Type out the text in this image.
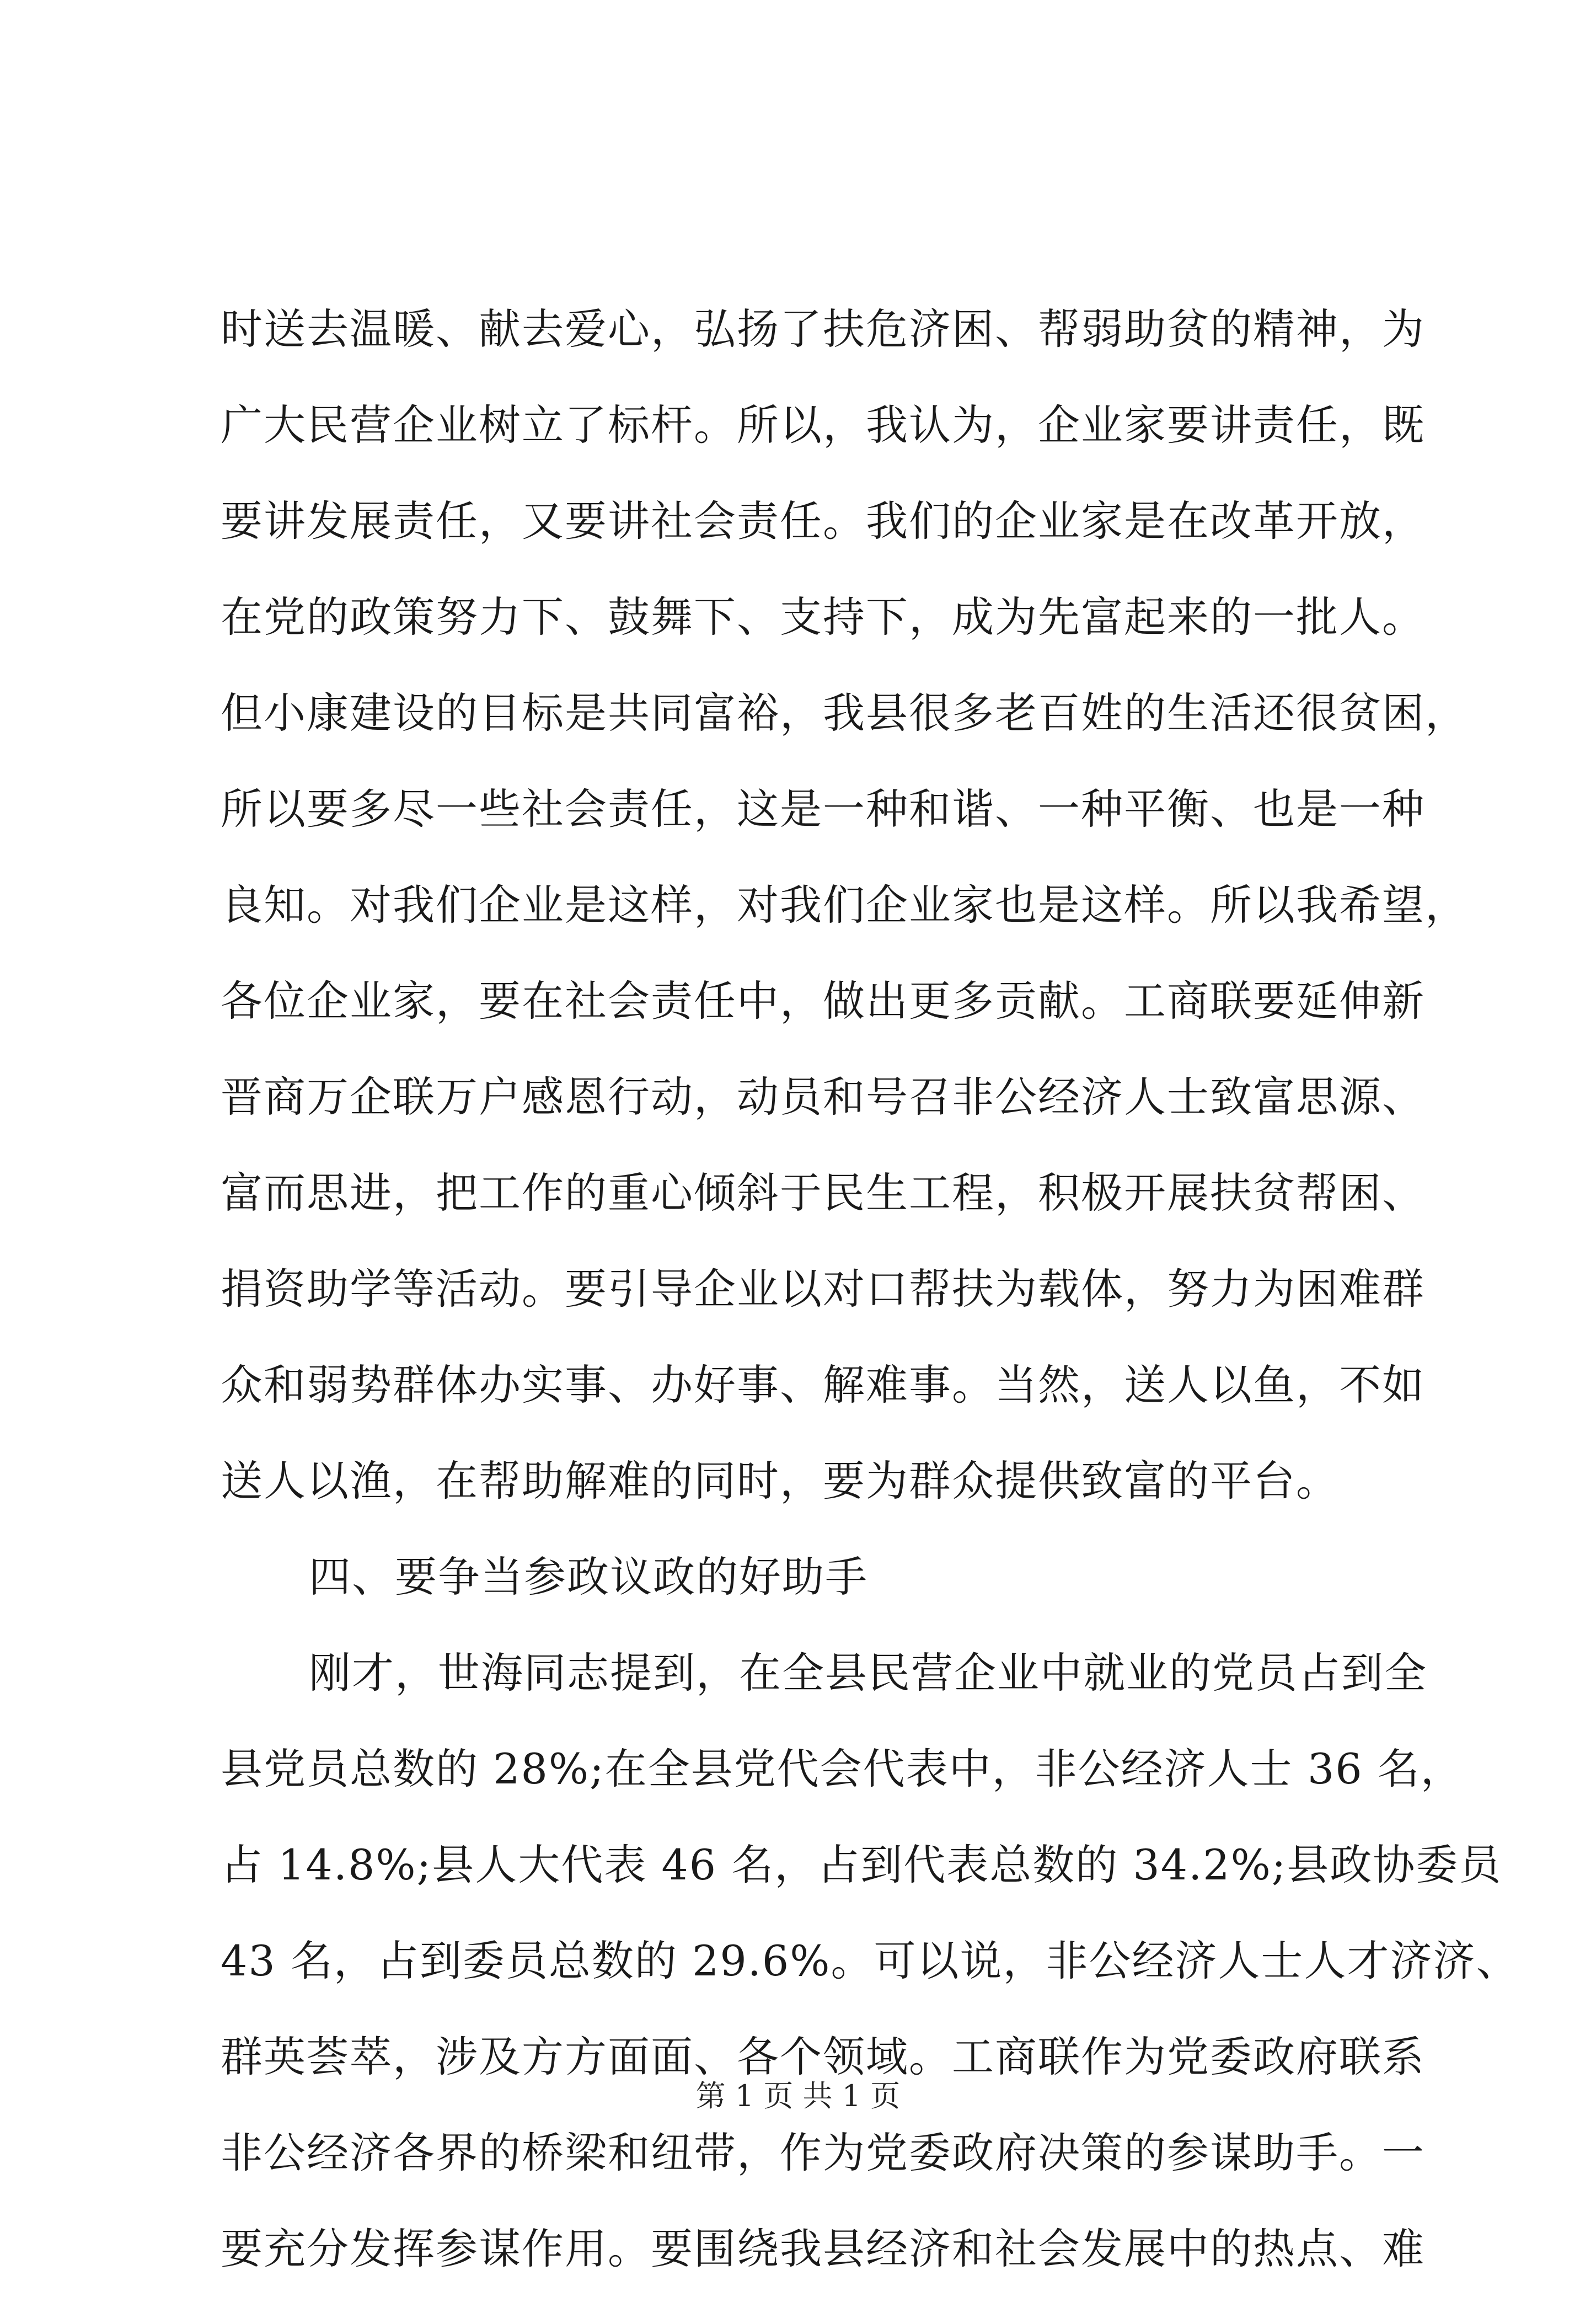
时送去温暖、献去爱心，弘扬了扶危济困、帮弱助贫的精神，为
广大民营企业树立了标杆。所以，我认为，企业家要讲责任，既
要讲发展责任，又要讲社会责任。我们的企业家是在改革开放，
在党的政策努力下、鼓舞下、支持下，成为先富起来的一批人。
但小康建设的目标是共同富裕，我县很多老百姓的生活还很贫困，
所以要多尽一些社会责任，这是一种和谐、一种平衡、也是一种
良知。对我们企业是这样，对我们企业家也是这样。所以我希望，
各位企业家，要在社会责任中，做出更多贡献。工商联要延伸新
晋商万企联万户感恩行动，动员和号召非公经济人士致富思源、
富而思进，把工作的重心倾斜于民生工程，积极开展扶贫帮困、
捐资助学等活动。要引导企业以对口帮扶为载体，努力为困难群
众和弱势群体办实事、办好事、解难事。当然，送人以鱼，不如
送人以渔，在帮助解难的同时，要为群众提供致富的平台。
四、要争当参政议政的好助手
刚才，世海同志提到，在全县民营企业中就业的党员占到全
县党员总数的 28%;在全县党代会代表中，非公经济人士 36 名，
占 14.8%;县人大代表 46 名，占到代表总数的 34.2%;县政协委员
43 名，占到委员总数的 29.6%。可以说，非公经济人士人才济济、
群英荟萃，涉及方方面面、各个领域。工商联作为党委政府联系
非公经济各界的桥梁和纽带，作为党委政府决策的参谋助手。一
要充分发挥参谋作用。要围绕我县经济和社会发展中的热点、难
第 1 页 共 1 页
